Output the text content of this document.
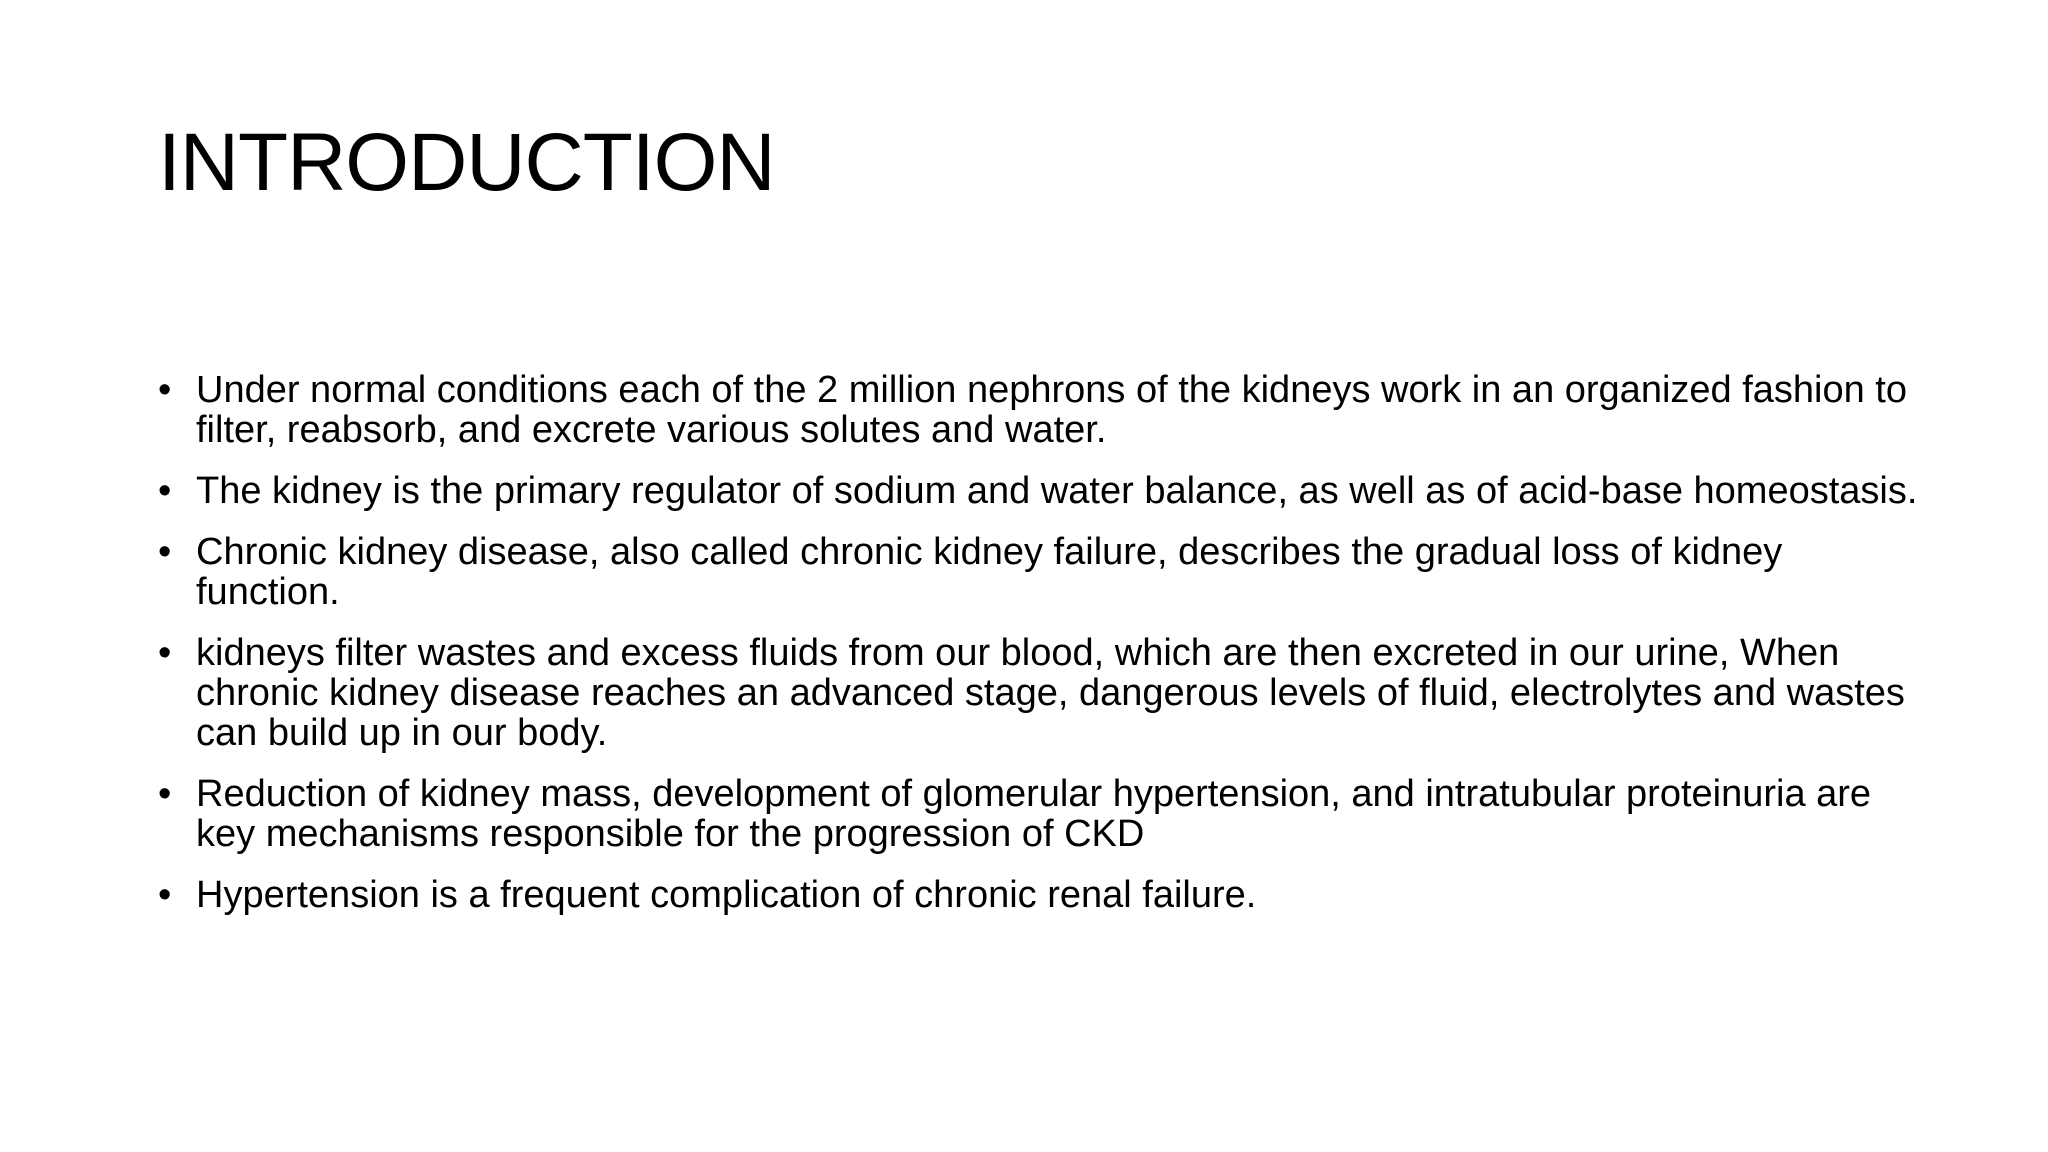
INTRODUCTION
• Under normal conditions each of the 2 million nephrons of the kidneys work in an organized fashion to filter, reabsorb, and excrete various solutes and water.
• The kidney is the primary regulator of sodium and water balance, as well as of acid-base homeostasis.
• Chronic kidney disease, also called chronic kidney failure, describes the gradual loss of kidney function.
• kidneys filter wastes and excess fluids from our blood, which are then excreted in our urine, When chronic kidney disease reaches an advanced stage, dangerous levels of fluid, electrolytes and wastes can build up in our body.
• Reduction of kidney mass, development of glomerular hypertension, and intratubular proteinuria are key mechanisms responsible for the progression of CKD
• Hypertension is a frequent complication of chronic renal failure.
